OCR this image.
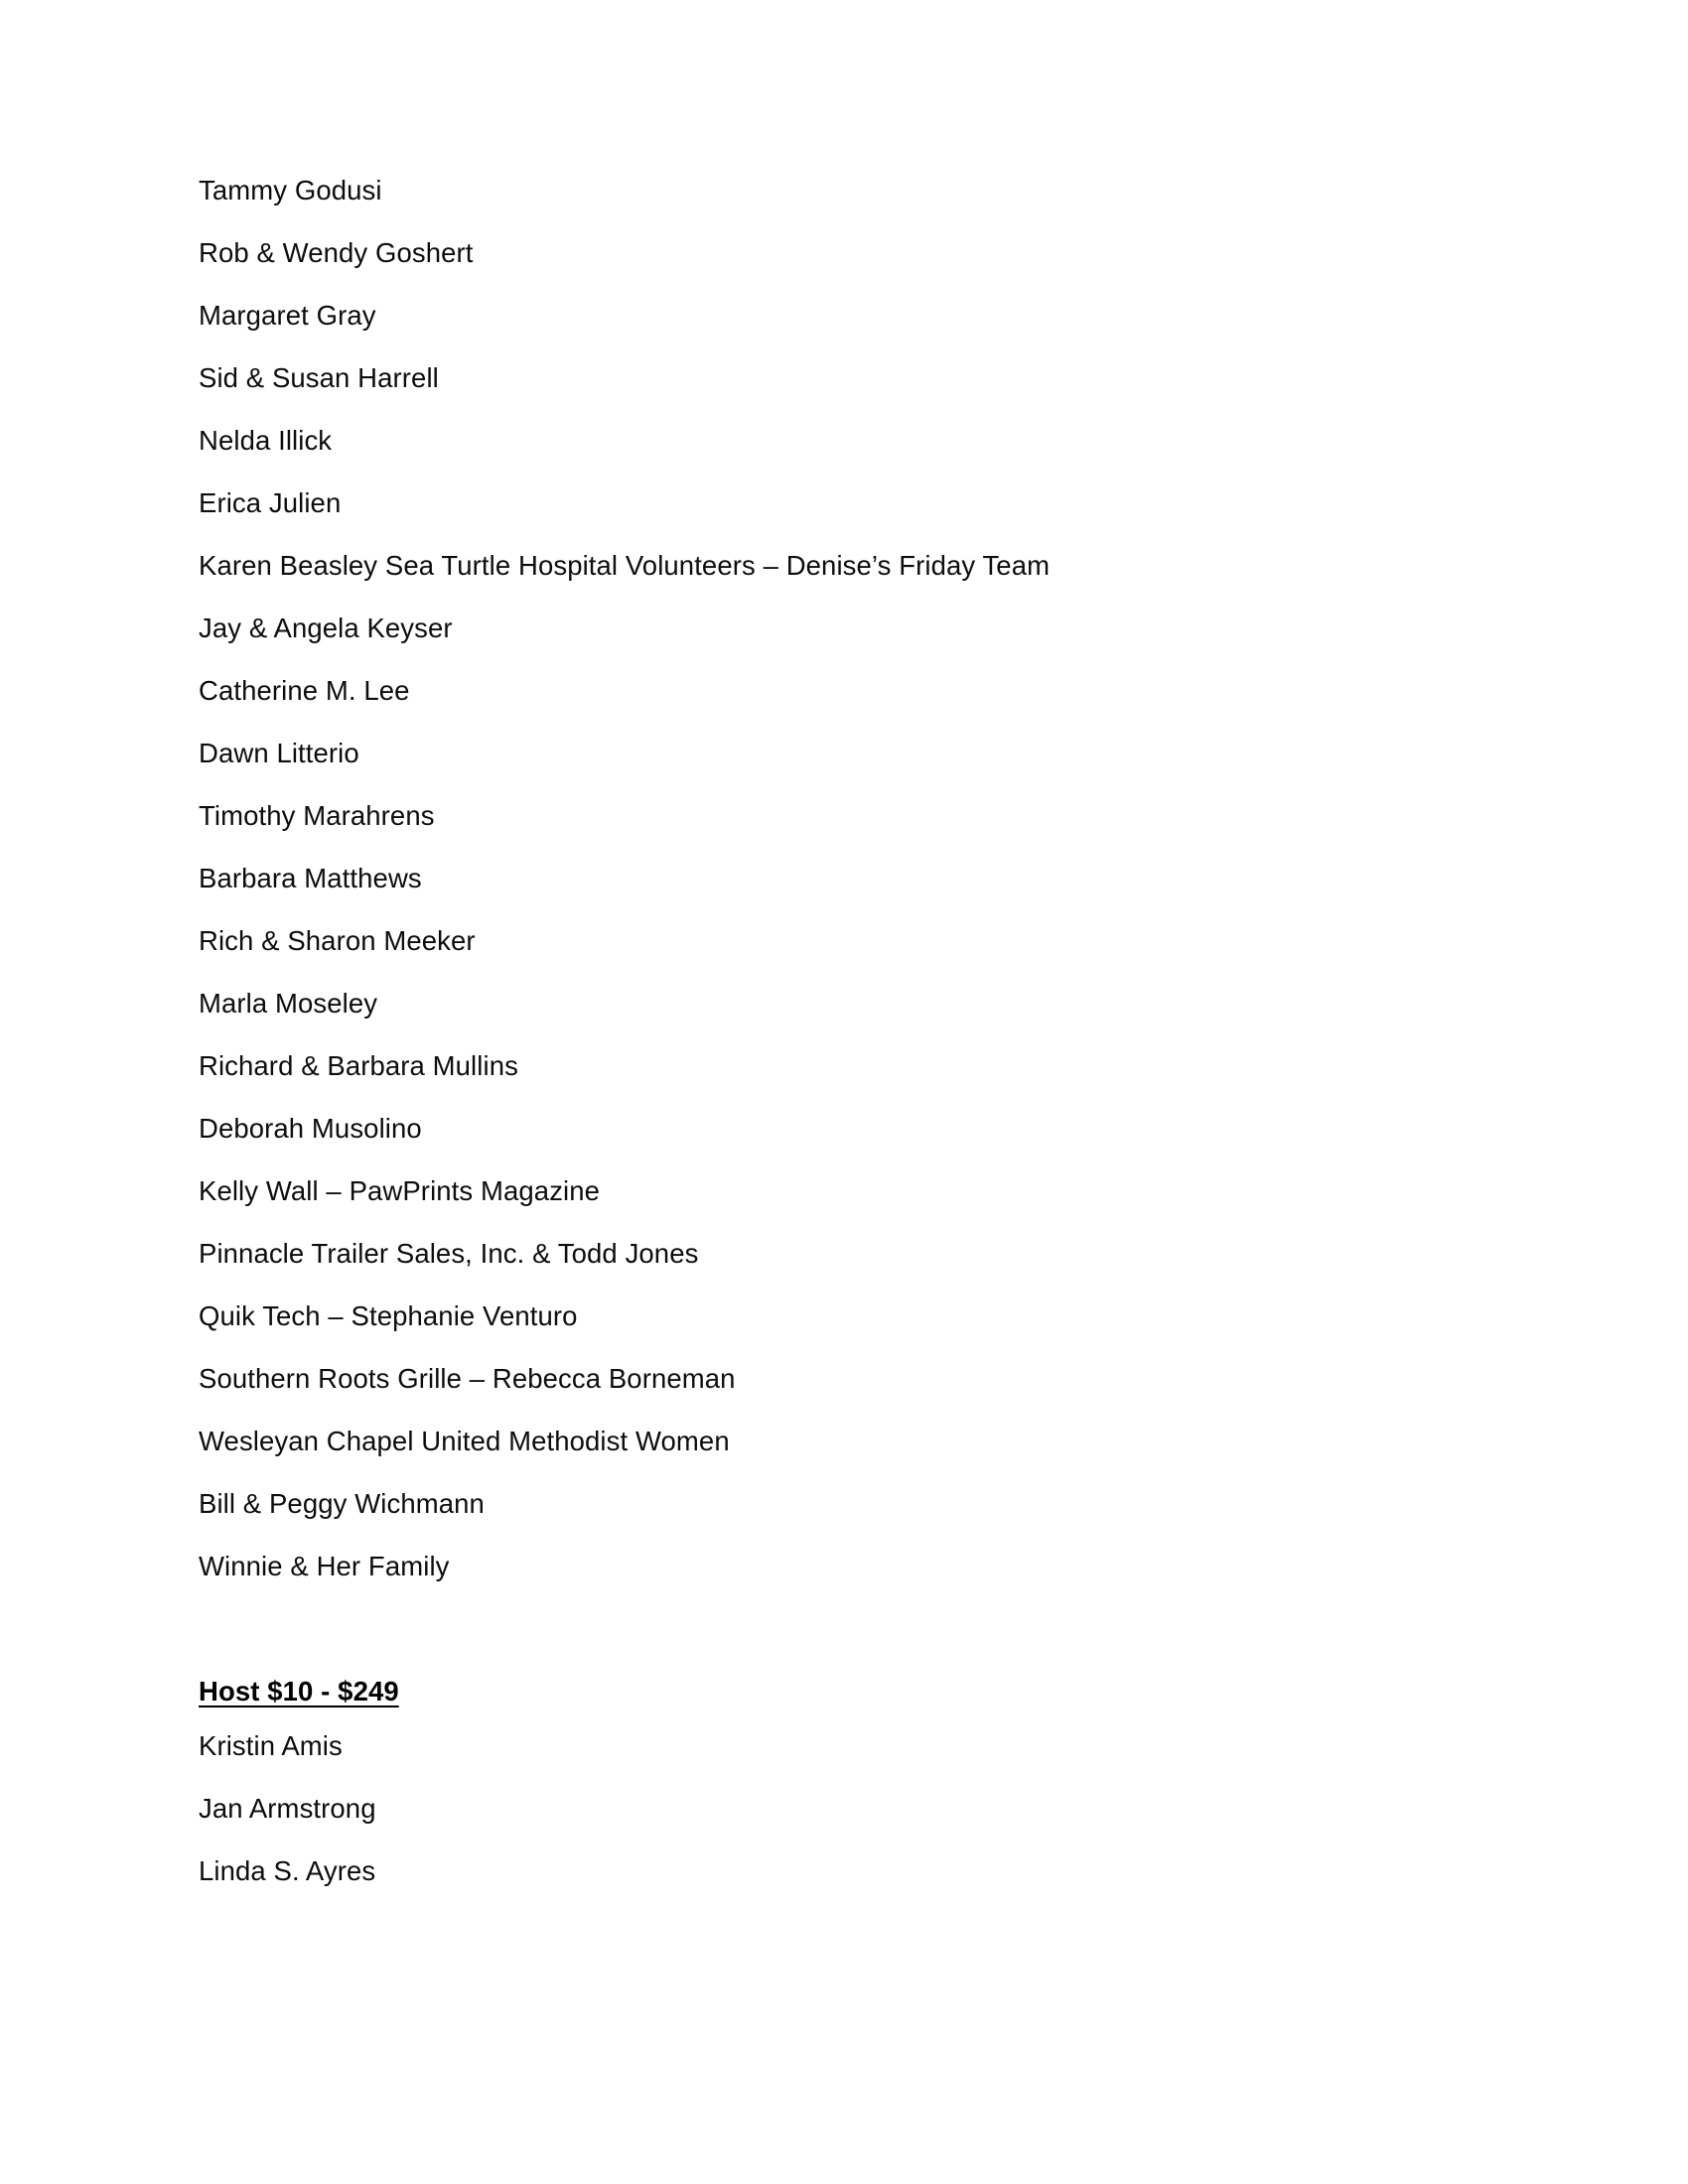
Tammy Godusi

Rob & Wendy Goshert

Margaret Gray

Sid & Susan Harrell

Nelda Illick

Erica Julien

Karen Beasley Sea Turtle Hospital Volunteers – Denise’s Friday Team

Jay & Angela Keyser

Catherine M. Lee

Dawn Litterio

Timothy Marahrens

Barbara Matthews

Rich & Sharon Meeker

Marla Moseley

Richard & Barbara Mullins

Deborah Musolino

Kelly Wall – PawPrints Magazine

Pinnacle Trailer Sales, Inc. & Todd Jones

Quik Tech – Stephanie Venturo

Southern Roots Grille – Rebecca Borneman

Wesleyan Chapel United Methodist Women

Bill & Peggy Wichmann

Winnie & Her Family

Host $10 - $249

Kristin Amis

Jan Armstrong

Linda S. Ayres
